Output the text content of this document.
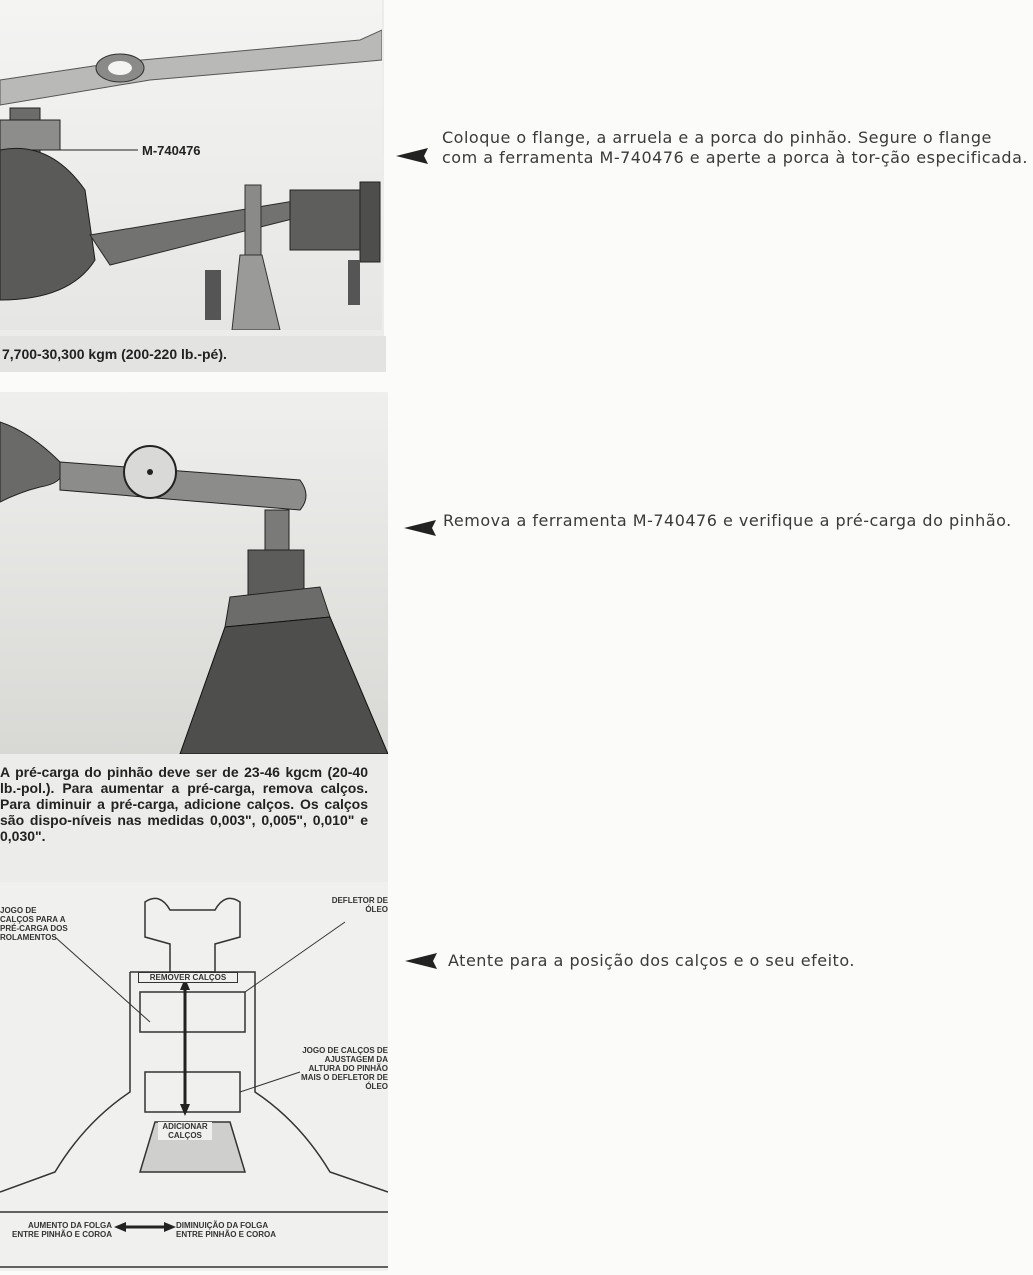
M-740476
7,700-30,300 kgm (200-220 lb.-pé).
Coloque o flange, a arruela e a porca do pinhão. Segure o flange com a ferramenta M-740476 e aperte a porca à tor-ção especificada.
A pré-carga do pinhão deve ser de 23-46 kgcm (20-40 lb.-pol.). Para aumentar a pré-carga, remova calços. Para diminuir a pré-carga, adicione calços. Os calços são dispo-níveis nas medidas 0,003", 0,005", 0,010" e 0,030".
Remova a ferramenta M-740476 e verifique a pré-carga do pinhão.
JOGO DE CALÇOS PARA A PRÉ-CARGA DOS ROLAMENTOS
DEFLETOR DE ÓLEO
REMOVER CALÇOS
ADICIONAR CALÇOS
JOGO DE CALÇOS DE AJUSTAGEM DA ALTURA DO PINHÃO MAIS O DEFLETOR DE ÓLEO
AUMENTO DA FOLGA ENTRE PINHÃO E COROA
DIMINUIÇÃO DA FOLGA ENTRE PINHÃO E COROA
Atente para a posição dos calços e o seu efeito.
